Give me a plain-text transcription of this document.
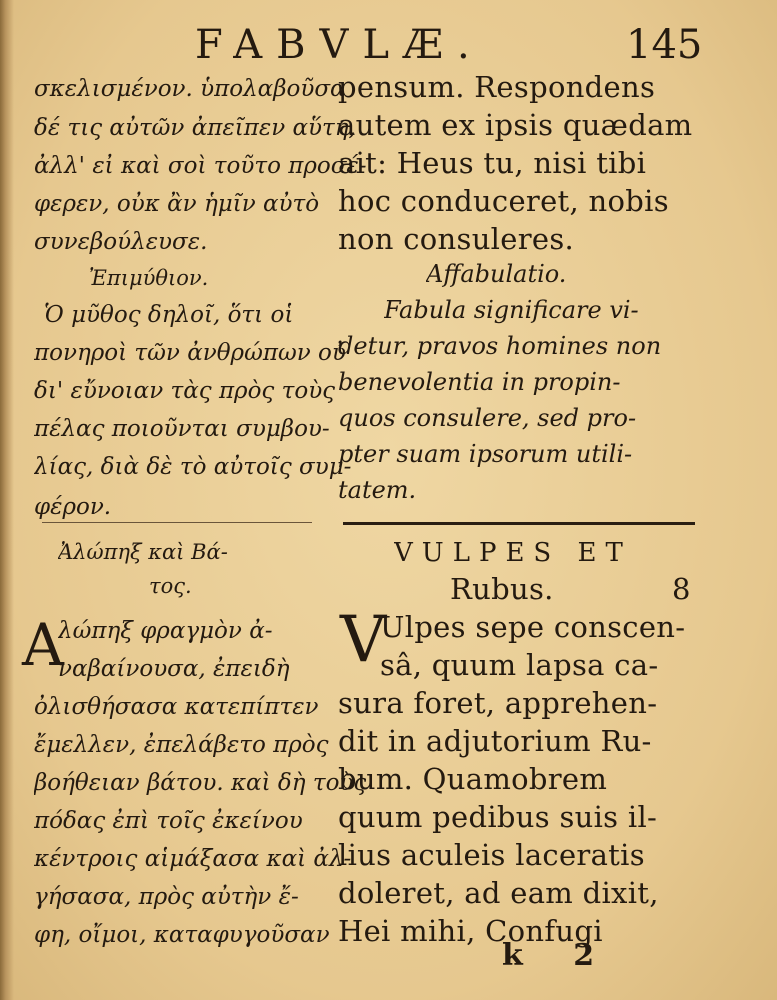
FABVLÆ.	145
σκελισμένον. ὑπολαβοῦσα
δέ τις αὐτῶν ἀπεῖπεν αὕτη,
ἀλλ' εἰ καὶ σοὶ τοῦτο προσέ-
φερεν, οὐκ ἂν ἡμῖν αὐτὸ
συνεβούλευσε.
Ἐπιμύθιον.
Ὁ μῦθος δηλοῖ, ὅτι οἱ
πονηροὶ τῶν ἀνθρώπων οὐ
δι' εὔνοιαν τὰς πρὸς τοὺς
πέλας ποιοῦνται συμβου-
λίας, διὰ δὲ τὸ αὐτοῖς συμ-
φέρον.
Ἀλώπηξ καὶ Βά-
τος.
Α
λώπηξ φραγμὸν ἀ-
ναβαίνουσα, ἐπειδὴ
ὀλισθήσασα κατεπίπτεν
ἔμελλεν, ἐπελάβετο πρὸς
βοήθειαν βάτου. καὶ δὴ τοὺς
πόδας ἐπὶ τοῖς ἐκείνου
κέντροις αἱμάξασα καὶ ἀλ-
γήσασα, πρὸς αὐτὴν ἔ-
φη, οἴμοι, καταφυγοῦσαν
pensum. Respondens
autem ex ipsis quædam
ait: Heus tu, nisi tibi
hoc conduceret, nobis
non consuleres.
Affabulatio.
Fabula significare vi-
detur, pravos homines non
benevolentia in propin-
quos consulere, sed pro-
pter suam ipsorum utili-
tatem.
VULPES ET
Rubus.	8
V
Ulpes sepe conscen-
sâ, quum lapsa ca-
sura foret, apprehen-
dit in adjutorium Ru-
bum. Quamobrem
quum pedibus suis il-
lius aculeis laceratis
doleret, ad eam dixit,
Hei mihi, Confugi
k 2
